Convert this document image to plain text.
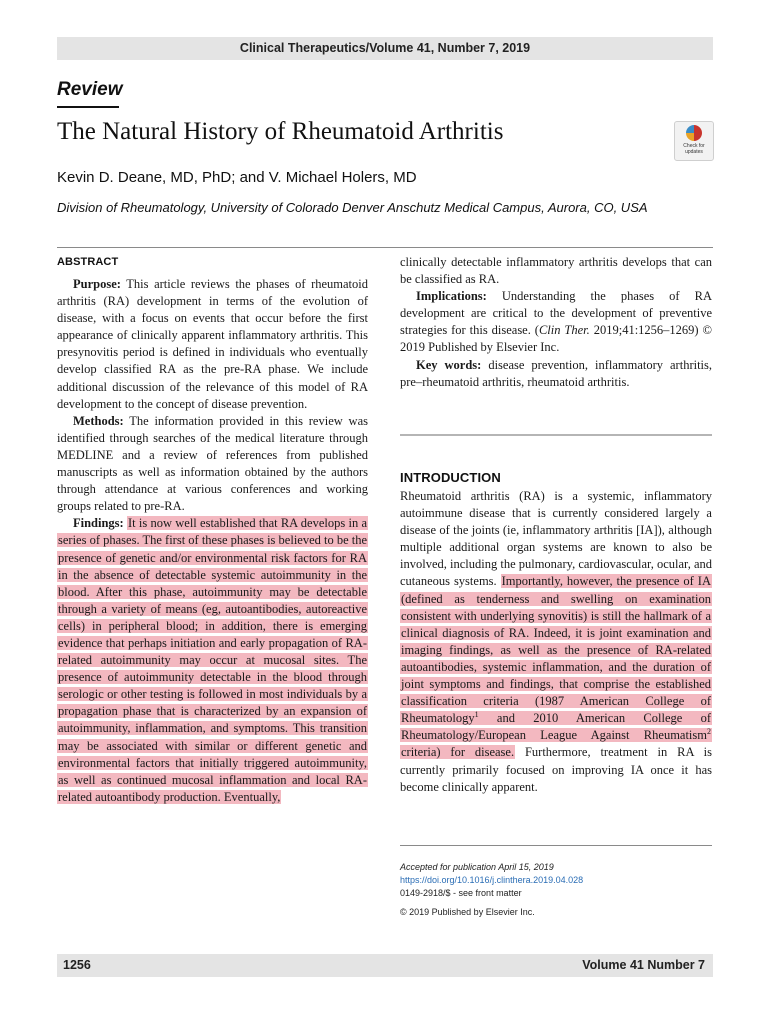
Clinical Therapeutics/Volume 41, Number 7, 2019
Review
The Natural History of Rheumatoid Arthritis
Check for updates
Kevin D. Deane, MD, PhD; and V. Michael Holers, MD
Division of Rheumatology, University of Colorado Denver Anschutz Medical Campus, Aurora, CO, USA
ABSTRACT

Purpose: This article reviews the phases of rheumatoid arthritis (RA) development in terms of the evolution of disease, with a focus on events that occur before the first appearance of clinically apparent inflammatory arthritis. This presynovitis period is defined in individuals who eventually develop classified RA as the pre-RA phase. We include additional discussion of the relevance of this model of RA development to the concept of disease prevention.

Methods: The information provided in this review was identified through searches of the medical literature through MEDLINE and a review of references from published manuscripts as well as information obtained by the authors through attendance at various conferences and working groups related to pre-RA.

Findings: It is now well established that RA develops in a series of phases. The first of these phases is believed to be the presence of genetic and/or environmental risk factors for RA in the absence of detectable systemic autoimmunity in the blood. After this phase, autoimmunity may be detectable through a variety of means (eg, autoantibodies, autoreactive cells) in peripheral blood; in addition, there is emerging evidence that perhaps initiation and early propagation of RA-related autoimmunity may occur at mucosal sites. The presence of autoimmunity detectable in the blood through serologic or other testing is followed in most individuals by a propagation phase that is characterized by an expansion of autoimmunity, inflammation, and symptoms. This transition may be associated with similar or different genetic and environmental factors that initially triggered autoimmunity, as well as continued mucosal inflammation and local RA-related autoantibody production. Eventually,

clinically detectable inflammatory arthritis develops that can be classified as RA.

Implications: Understanding the phases of RA development are critical to the development of preventive strategies for this disease. (Clin Ther. 2019;41:1256–1269) © 2019 Published by Elsevier Inc.

Key words: disease prevention, inflammatory arthritis, pre–rheumatoid arthritis, rheumatoid arthritis.

INTRODUCTION

Rheumatoid arthritis (RA) is a systemic, inflammatory autoimmune disease that is currently considered largely a disease of the joints (ie, inflammatory arthritis [IA]), although multiple additional organ systems are known to also be involved, including the pulmonary, cardiovascular, ocular, and cutaneous systems. Importantly, however, the presence of IA (defined as tenderness and swelling on examination consistent with underlying synovitis) is still the hallmark of a clinical diagnosis of RA. Indeed, it is joint examination and imaging findings, as well as the presence of RA-related autoantibodies, systemic inflammation, and the duration of joint symptoms and findings, that comprise the established classification criteria (1987 American College of Rheumatology$^1$ and 2010 American College of Rheumatology/European League Against Rheumatism$^2$ criteria) for disease. Furthermore, treatment in RA is currently primarily focused on improving IA once it has become clinically apparent.

Accepted for publication April 15, 2019
https://doi.org/10.1016/j.clinthera.2019.04.028
0149-2918/$ - see front matter
© 2019 Published by Elsevier Inc.
1256	Volume 41 Number 7
